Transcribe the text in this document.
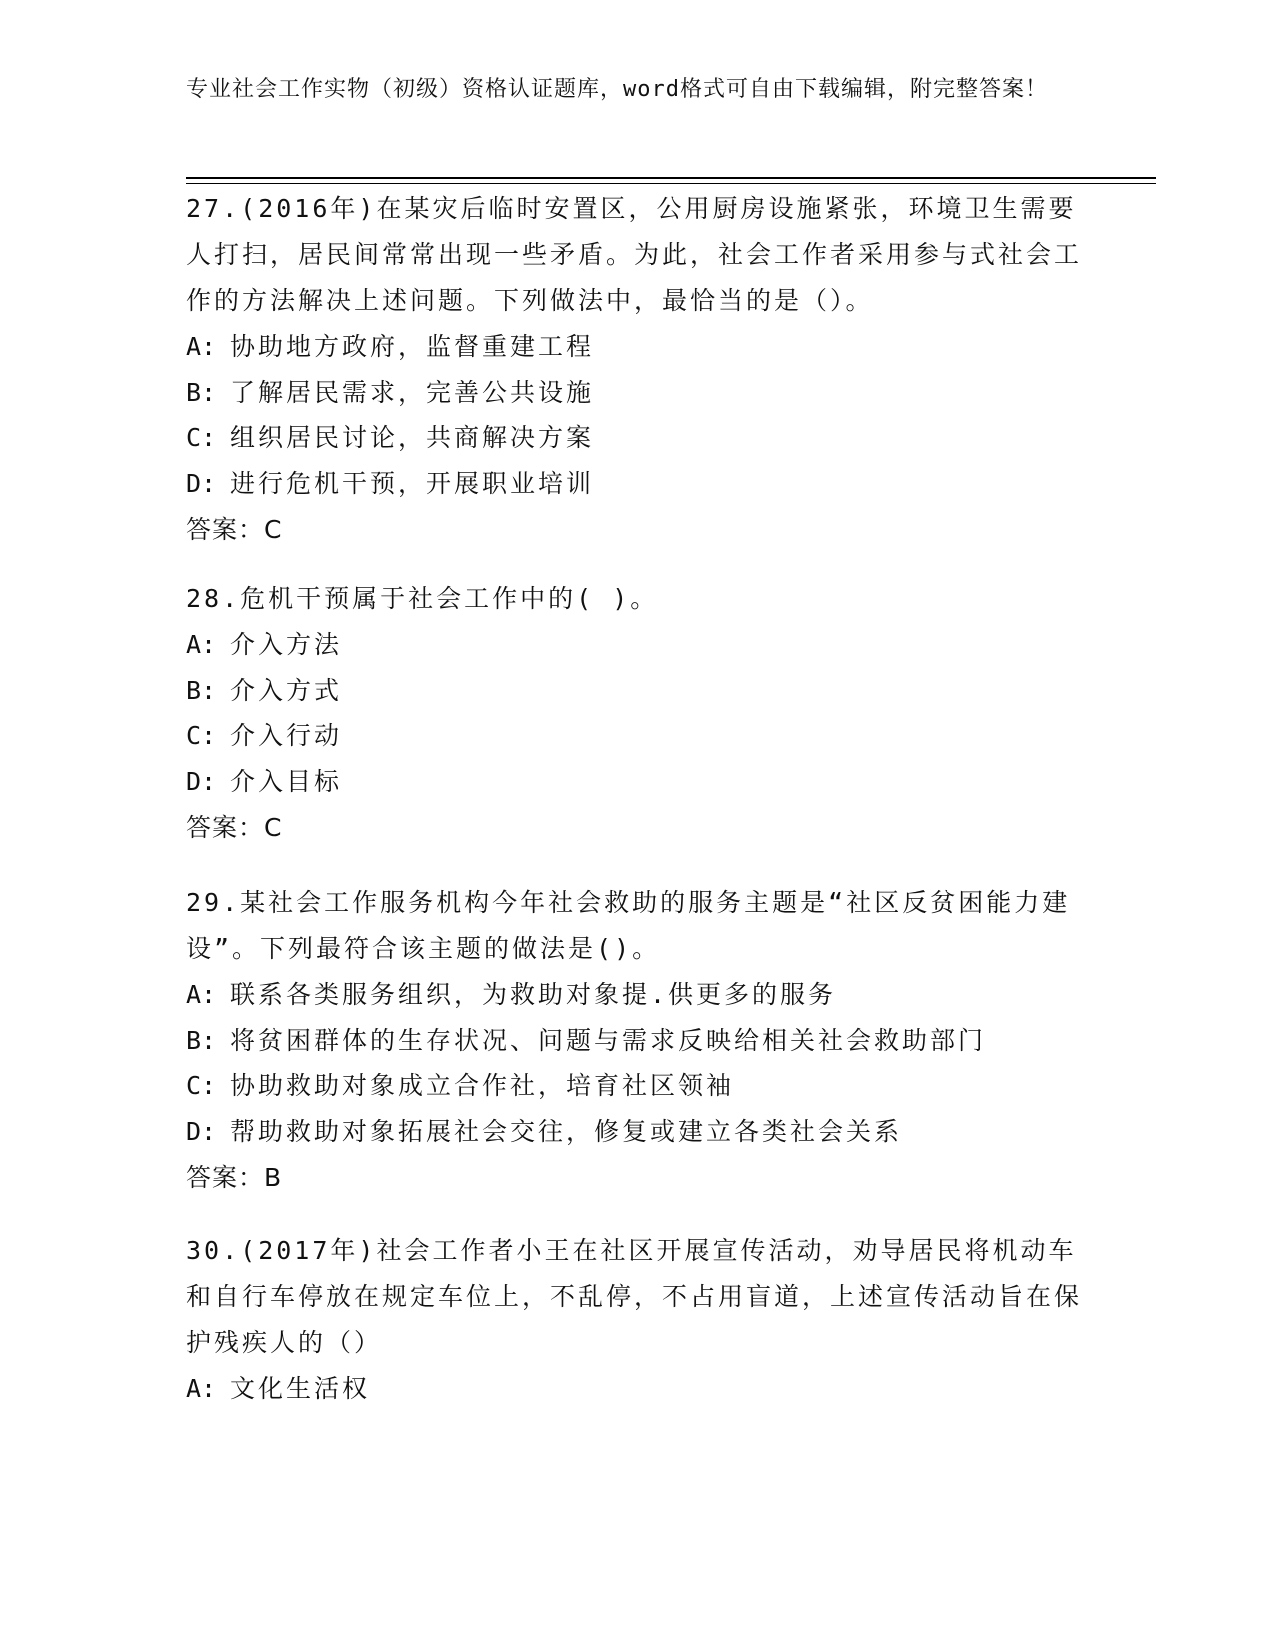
专业社会工作实物（初级）资格认证题库，word格式可自由下载编辑，附完整答案！

27.(2016年)在某灾后临时安置区，公用厨房设施紧张，环境卫生需要人打扫，居民间常常出现一些矛盾。为此，社会工作者采用参与式社会工作的方法解决上述问题。下列做法中，最恰当的是（）。

A: 协助地方政府，监督重建工程
B: 了解居民需求，完善公共设施
C: 组织居民讨论，共商解决方案
D: 进行危机干预，开展职业培训
答案：C

28.危机干预属于社会工作中的( )。

A: 介入方法
B: 介入方式
C: 介入行动
D: 介入目标
答案：C

29.某社会工作服务机构今年社会救助的服务主题是“社区反贫困能力建设”。下列最符合该主题的做法是()。

A: 联系各类服务组织，为救助对象提.供更多的服务
B: 将贫困群体的生存状况、问题与需求反映给相关社会救助部门
C: 协助救助对象成立合作社，培育社区领袖
D: 帮助救助对象拓展社会交往，修复或建立各类社会关系
答案：B

30.(2017年)社会工作者小王在社区开展宣传活动，劝导居民将机动车和自行车停放在规定车位上，不乱停，不占用盲道，上述宣传活动旨在保护残疾人的（）

A: 文化生活权
